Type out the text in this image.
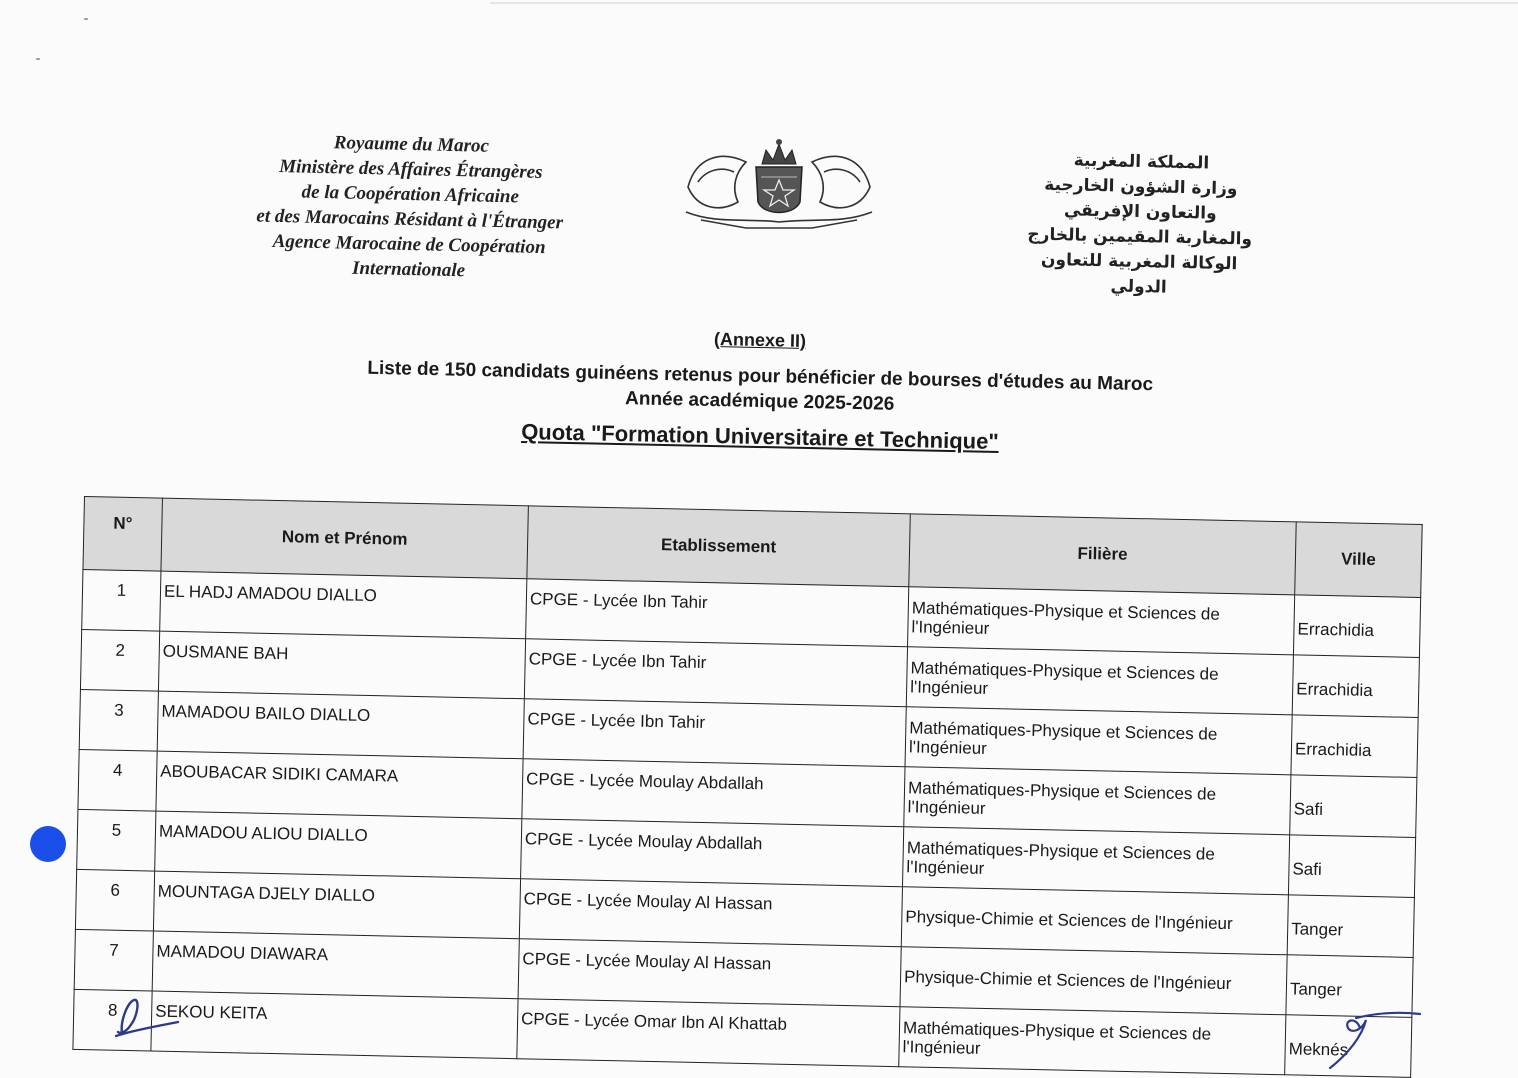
Royaume du Maroc
Ministère des Affaires Étrangères
de la Coopération Africaine
et des Marocains Résidant à l'Étranger
Agence Marocaine de Coopération
Internationale
المملكة المغربية
وزارة الشؤون الخارجية
والتعاون الإفريقي
والمغاربة المقيمين بالخارج
الوكالة المغربية للتعاون
الدولي
(Annexe II)
Liste de 150 candidats guinéens retenus pour bénéficier de bourses d'études au Maroc
Année académique 2025-2026
Quota "Formation Universitaire et Technique"
N°	Nom et Prénom	Etablissement	Filière	Ville
1	EL HADJ AMADOU DIALLO	CPGE - Lycée Ibn Tahir	Mathématiques-Physique et Sciences de l'Ingénieur	Errachidia
2	OUSMANE BAH	CPGE - Lycée Ibn Tahir	Mathématiques-Physique et Sciences de l'Ingénieur	Errachidia
3	MAMADOU BAILO DIALLO	CPGE - Lycée Ibn Tahir	Mathématiques-Physique et Sciences de l'Ingénieur	Errachidia
4	ABOUBACAR SIDIKI CAMARA	CPGE - Lycée Moulay Abdallah	Mathématiques-Physique et Sciences de l'Ingénieur	Safi
5	MAMADOU ALIOU DIALLO	CPGE - Lycée Moulay Abdallah	Mathématiques-Physique et Sciences de l'Ingénieur	Safi
6	MOUNTAGA DJELY DIALLO	CPGE - Lycée Moulay Al Hassan	Physique-Chimie et Sciences de l'Ingénieur	Tanger
7	MAMADOU DIAWARA	CPGE - Lycée Moulay Al Hassan	Physique-Chimie et Sciences de l'Ingénieur	Tanger
8	SEKOU KEITA	CPGE - Lycée Omar Ibn Al Khattab	Mathématiques-Physique et Sciences de l'Ingénieur	Meknés
